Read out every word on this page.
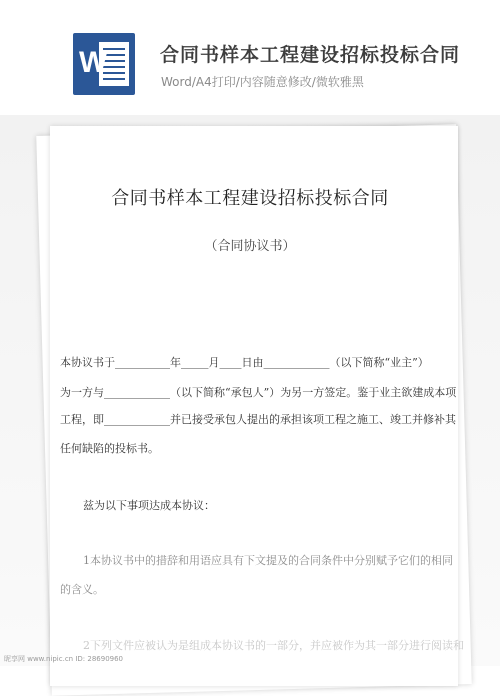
W	合同书样本工程建设招标投标合同
Word/A4打印/内容随意修改/微软雅黑
合同书样本工程建设招标投标合同
（合同协议书）

本协议书于__________年_____月____日由____________（以下简称“业主”）

为一方与____________（以下简称“承包人”）为另一方签定。鉴于业主欲建成本项

工程，即____________并已接受承包人提出的承担该项工程之施工、竣工并修补其

任何缺陷的投标书。

兹为以下事项达成本协议：

1本协议书中的措辞和用语应具有下文提及的合同条件中分别赋予它们的相同

的含义。

2下列文件应被认为是组成本协议书的一部分，并应被作为其一部分进行阅读和

昵享网 www.nipic.cn ID: 28690960
